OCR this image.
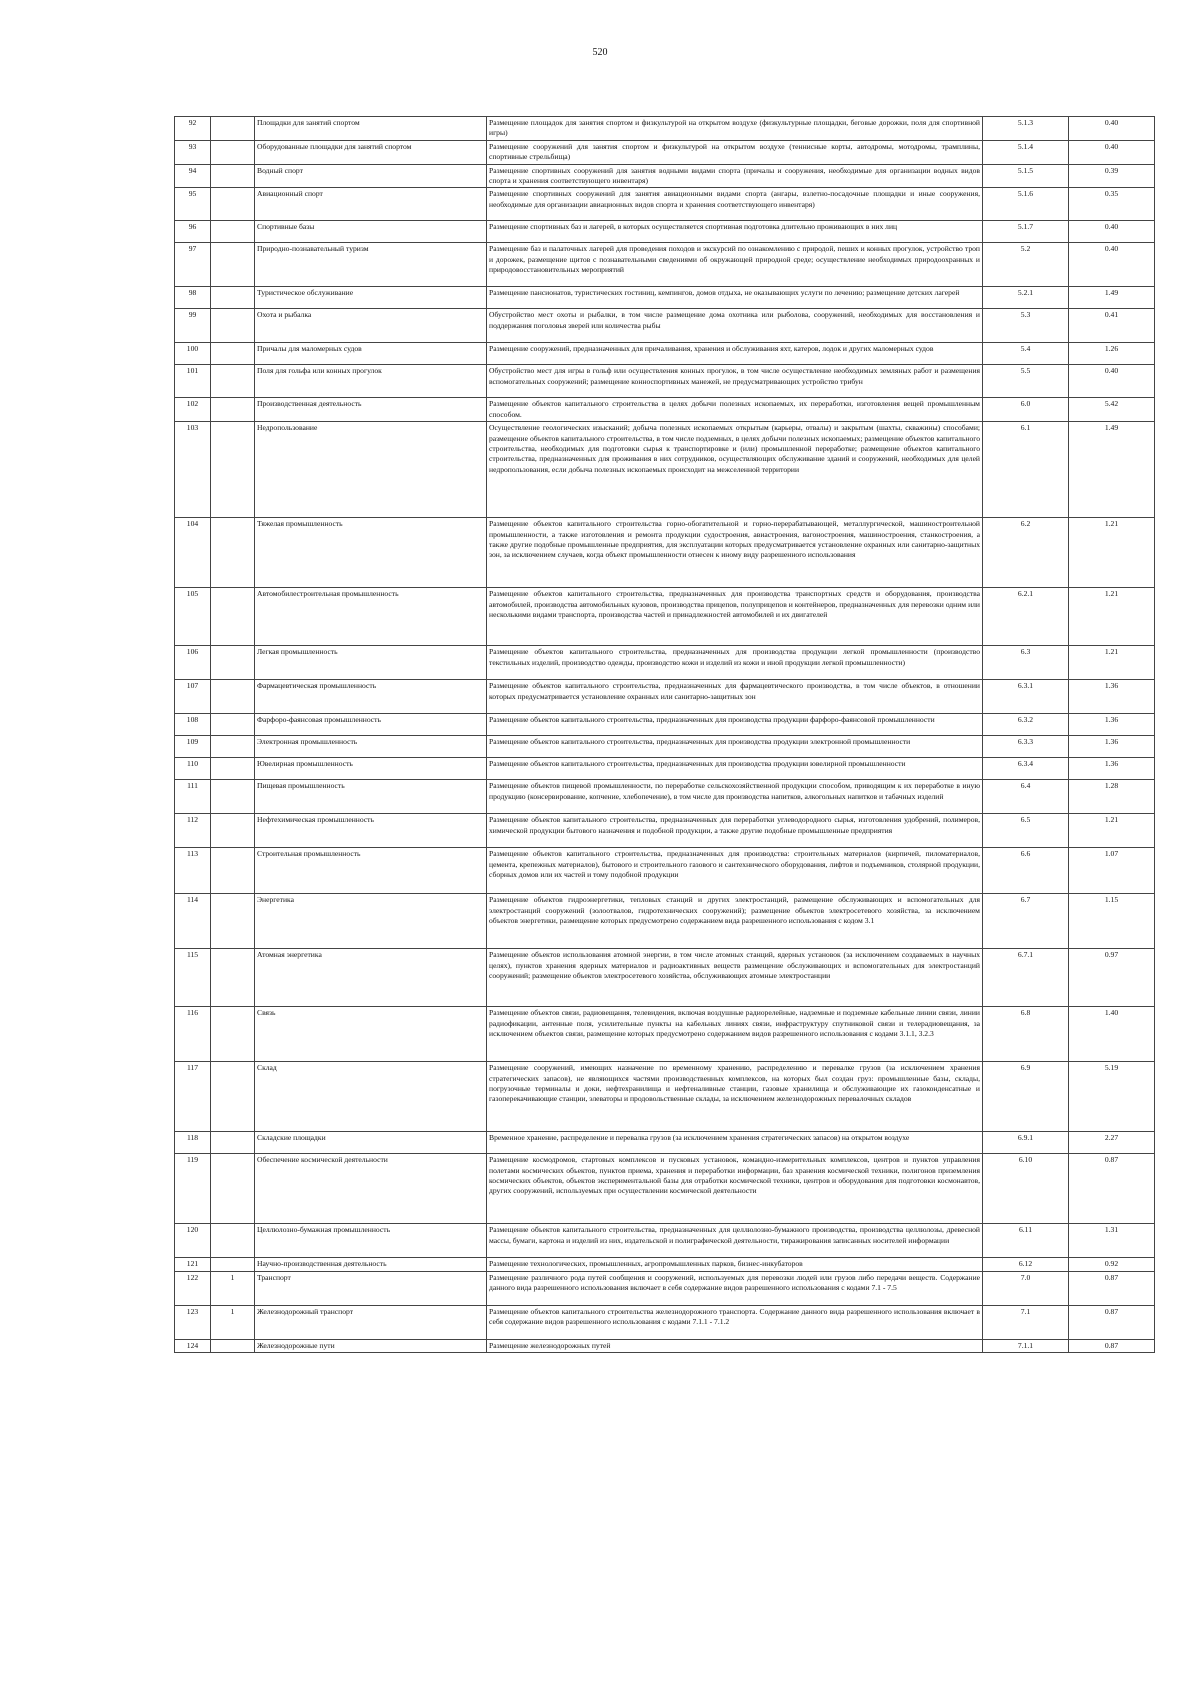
520
92		Площадки для занятий спортом	Размещение площадок для занятия спортом и физкультурой на открытом воздухе (физкультурные площадки, беговые дорожки, поля для спортивной игры)	5.1.3	0.40
93		Оборудованные площадки для занятий спортом	Размещение сооружений для занятия спортом и физкультурой на открытом воздухе (теннисные корты, автодромы, мотодромы, трамплины, спортивные стрельбища)	5.1.4	0.40
94		Водный спорт	Размещение спортивных сооружений для занятия водными видами спорта (причалы и сооружения, необходимые для организации водных видов спорта и хранения соответствующего инвентаря)	5.1.5	0.39
95		Авиационный спорт	Размещение спортивных сооружений для занятия авиационными видами спорта (ангары, взлетно-посадочные площадки и иные сооружения, необходимые для организации авиационных видов спорта и хранения соответствующего инвентаря)	5.1.6	0.35
96		Спортивные базы	Размещение спортивных баз и лагерей, в которых осуществляется спортивная подготовка длительно проживающих в них лиц	5.1.7	0.40
97		Природно-познавательный туризм	Размещение баз и палаточных лагерей для проведения походов и экскурсий по ознакомлению с природой, пеших и конных прогулок, устройство троп и дорожек, размещение щитов с познавательными сведениями об окружающей природной среде; осуществление необходимых природоохранных и природовосстановительных мероприятий	5.2	0.40
98		Туристическое обслуживание	Размещение пансионатов, туристических гостиниц, кемпингов, домов отдыха, не оказывающих услуги по лечению; размещение детских лагерей	5.2.1	1.49
99		Охота и рыбалка	Обустройство мест охоты и рыбалки, в том числе размещение дома охотника или рыболова, сооружений, необходимых для восстановления и поддержания поголовья зверей или количества рыбы	5.3	0.41
100		Причалы для маломерных судов	Размещение сооружений, предназначенных для причаливания, хранения и обслуживания яхт, катеров, лодок и других маломерных судов	5.4	1.26
101		Поля для гольфа или конных прогулок	Обустройство мест для игры в гольф или осуществления конных прогулок, в том числе осуществление необходимых земляных работ и размещения вспомогательных сооружений; размещение конноспортивных манежей, не предусматривающих устройство трибун	5.5	0.40
102		Производственная деятельность	Размещение объектов капитального строительства в целях добычи полезных ископаемых, их переработки, изготовления вещей промышленным способом.	6.0	5.42
103		Недропользование	Осуществление геологических изысканий; добыча полезных ископаемых открытым (карьеры, отвалы) и закрытым (шахты, скважины) способами; размещение объектов капитального строительства, в том числе подземных, в целях добычи полезных ископаемых; размещение объектов капитального строительства, необходимых для подготовки сырья к транспортировке и (или) промышленной переработке; размещение объектов капитального строительства, предназначенных для проживания в них сотрудников, осуществляющих обслуживание зданий и сооружений, необходимых для целей недропользования, если добыча полезных ископаемых происходит на межселенной территории	6.1	1.49
104		Тяжелая промышленность	Размещение объектов капитального строительства горно-обогатительной и горно-перерабатывающей, металлургической, машиностроительной промышленности, а также изготовления и ремонта продукции судостроения, авиастроения, вагоностроения, машиностроения, станкостроения, а также другие подобные промышленные предприятия, для эксплуатации которых предусматривается установление охранных или санитарно-защитных зон, за исключением случаев, когда объект промышленности отнесен к иному виду разрешенного использования	6.2	1.21
105		Автомобилестроительная промышленность	Размещение объектов капитального строительства, предназначенных для производства транспортных средств и оборудования, производства автомобилей, производства автомобильных кузовов, производства прицепов, полуприцепов и контейнеров, предназначенных для перевозки одним или несколькими видами транспорта, производства частей и принадлежностей автомобилей и их двигателей	6.2.1	1.21
106		Легкая промышленность	Размещение объектов капитального строительства, предназначенных для производства продукции легкой промышленности (производство текстильных изделий, производство одежды, производство кожи и изделий из кожи и иной продукции легкой промышленности)	6.3	1.21
107		Фармацевтическая промышленность	Размещение объектов капитального строительства, предназначенных для фармацевтического производства, в том числе объектов, в отношении которых предусматривается установление охранных или санитарно-защитных зон	6.3.1	1.36
108		Фарфоро-фаянсовая промышленность	Размещение объектов капитального строительства, предназначенных для производства продукции фарфоро-фаянсовой промышленности	6.3.2	1.36
109		Электронная промышленность	Размещение объектов капитального строительства, предназначенных для производства продукции электронной промышленности	6.3.3	1.36
110		Ювелирная промышленность	Размещение объектов капитального строительства, предназначенных для производства продукции ювелирной промышленности	6.3.4	1.36
111		Пищевая промышленность	Размещение объектов пищевой промышленности, по переработке сельскохозяйственной продукции способом, приводящим к их переработке в иную продукцию (консервирование, копчение, хлебопечение), в том числе для производства напитков, алкогольных напитков и табачных изделий	6.4	1.28
112		Нефтехимическая промышленность	Размещение объектов капитального строительства, предназначенных для переработки углеводородного сырья, изготовления удобрений, полимеров, химической продукции бытового назначения и подобной продукции, а также другие подобные промышленные предприятия	6.5	1.21
113		Строительная промышленность	Размещение объектов капитального строительства, предназначенных для производства: строительных материалов (кирпичей, пиломатериалов, цемента, крепежных материалов), бытового и строительного газового и сантехнического оборудования, лифтов и подъемников, столярной продукции, сборных домов или их частей и тому подобной продукции	6.6	1.07
114		Энергетика	Размещение объектов гидроэнергетики, тепловых станций и других электростанций, размещение обслуживающих и вспомогательных для электростанций сооружений (золоотвалов, гидротехнических сооружений); размещение объектов электросетевого хозяйства, за исключением объектов энергетики, размещение которых предусмотрено содержанием вида разрешенного использования с кодом 3.1	6.7	1.15
115		Атомная энергетика	Размещение объектов использования атомной энергии, в том числе атомных станций, ядерных установок (за исключением создаваемых в научных целях), пунктов хранения ядерных материалов и радиоактивных веществ размещение обслуживающих и вспомогательных для электростанций сооружений; размещение объектов электросетевого хозяйства, обслуживающих атомные электростанции	6.7.1	0.97
116		Связь	Размещение объектов связи, радиовещания, телевидения, включая воздушные радиорелейные, надземные и подземные кабельные линии связи, линии радиофикации, антенные поля, усилительные пункты на кабельных линиях связи, инфраструктуру спутниковой связи и телерадиовещания, за исключением объектов связи, размещение которых предусмотрено содержанием видов разрешенного использования с кодами 3.1.1, 3.2.3	6.8	1.40
117		Склад	Размещение сооружений, имеющих назначение по временному хранению, распределению и перевалке грузов (за исключением хранения стратегических запасов), не являющихся частями производственных комплексов, на которых был создан груз: промышленные базы, склады, погрузочные терминалы и доки, нефтехранилища и нефтеналивные станции, газовые хранилища и обслуживающие их газоконденсатные и газоперекачивающие станции, элеваторы и продовольственные склады, за исключением железнодорожных перевалочных складов	6.9	5.19
118		Складские площадки	Временное хранение, распределение и перевалка грузов (за исключением хранения стратегических запасов) на открытом воздухе	6.9.1	2.27
119		Обеспечение космической деятельности	Размещение космодромов, стартовых комплексов и пусковых установок, командно-измерительных комплексов, центров и пунктов управления полетами космических объектов, пунктов приема, хранения и переработки информации, баз хранения космической техники, полигонов приземления космических объектов, объектов экспериментальной базы для отработки космической техники, центров и оборудования для подготовки космонавтов, других сооружений, используемых при осуществлении космической деятельности	6.10	0.87
120		Целлюлозно-бумажная промышленность	Размещение объектов капитального строительства, предназначенных для целлюлозно-бумажного производства, производства целлюлозы, древесной массы, бумаги, картона и изделий из них, издательской и полиграфической деятельности, тиражирования записанных носителей информации	6.11	1.31
121		Научно-производственная деятельность	Размещение технологических, промышленных, агропромышленных парков, бизнес-инкубаторов	6.12	0.92
122	1	Транспорт	Размещение различного рода путей сообщения и сооружений, используемых для перевозки людей или грузов либо передачи веществ. Содержание данного вида разрешенного использования включает в себя содержание видов разрешенного использования с кодами 7.1 - 7.5	7.0	0.87
123	1	Железнодорожный транспорт	Размещение объектов капитального строительства железнодорожного транспорта. Содержание данного вида разрешенного использования включает в себя содержание видов разрешенного использования с кодами 7.1.1 - 7.1.2	7.1	0.87
124		Железнодорожные пути	Размещение железнодорожных путей	7.1.1	0.87
